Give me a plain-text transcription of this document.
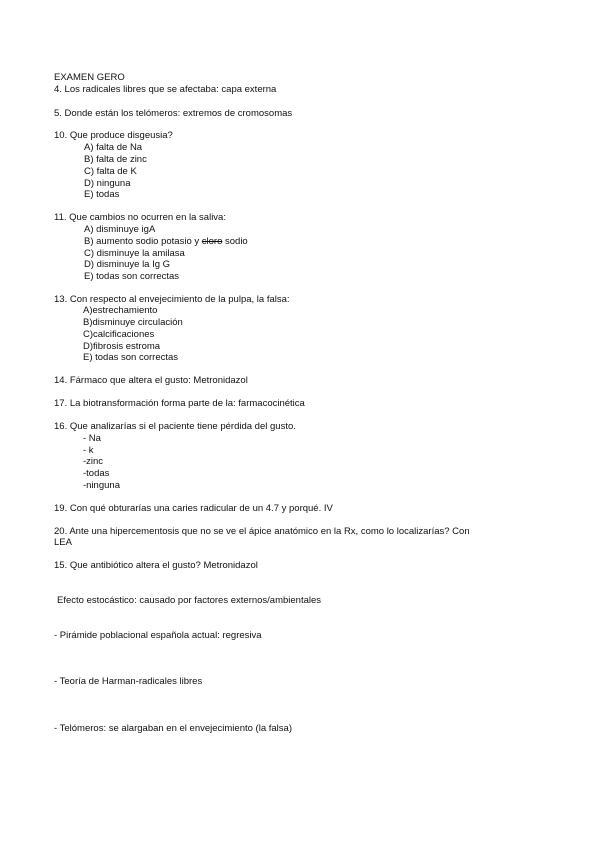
EXAMEN GERO
4. Los radicales libres que se afectaba: capa externa
5. Donde están los telómeros: extremos de cromosomas
10. Que produce disgeusia?
A) falta de Na
B) falta de zinc
C) falta de K
D) ninguna
E) todas
11. Que cambios no ocurren en la saliva:
A) disminuye igA
B) aumento sodio potasio y cloro sodio
C) disminuye la amilasa
D) disminuye la Ig G
E) todas son correctas
13. Con respecto al envejecimiento de la pulpa, la falsa:
A)estrechamiento
B)disminuye circulación
C)calcificaciones
D)fibrosis estroma
E) todas son correctas
14. Fármaco que altera el gusto: Metronidazol
17. La biotransformación forma parte de la: farmacocinética
16. Que analizarías si el paciente tiene pérdida del gusto.
- Na
- k
-zinc
-todas
-ninguna
19. Con qué obturarías una caries radicular de un 4.7 y porqué. IV
20. Ante una hipercementosis que no se ve el ápice anatómico en la Rx, como lo localizarías? Con
LEA
15. Que antibiótico altera el gusto? Metronidazol
Efecto estocástico: causado por factores externos/ambientales
- Pirámide poblacional española actual: regresiva
- Teoría de Harman-radicales libres
- Telómeros: se alargaban en el envejecimiento (la falsa)
